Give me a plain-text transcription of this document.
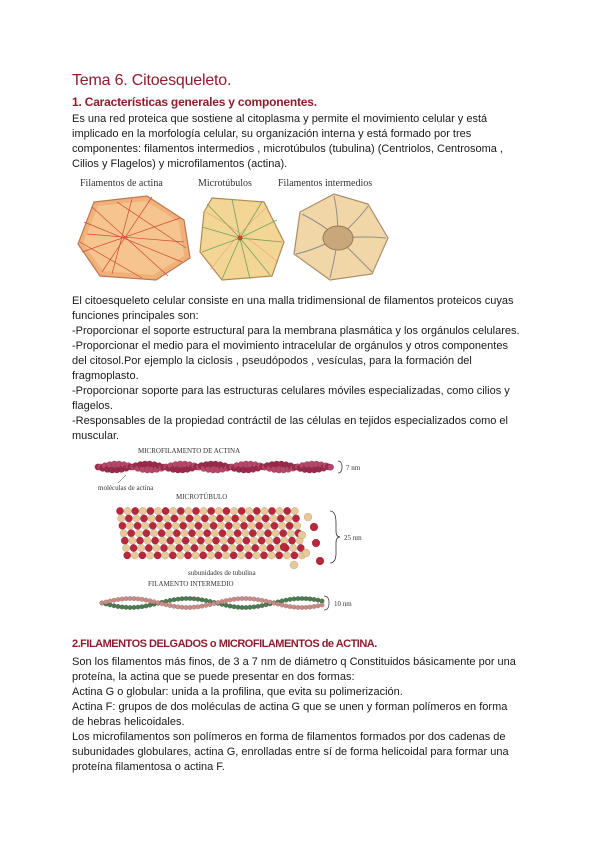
Tema 6. Citoesqueleto.
1. Características generales y componentes.

Es una red proteica que sostiene al citoplasma y permite el movimiento celular y está

implicado en la morfología celular, su organización interna y está formado por tres

componentes: filamentos intermedios , microtúbulos (tubulina) (Centriolos, Centrosoma ,

Cilios y Flagelos) y microfilamentos (actina).

Filamentos de actina	Microtúbulos	Filamentos intermedios

El citoesqueleto celular consiste en una malla tridimensional de filamentos proteicos cuyas

funciones principales son:

-Proporcionar el soporte estructural para la membrana plasmática y los orgánulos celulares.

-Proporcionar el medio para el movimiento intracelular de orgánulos y otros componentes

del citosol.Por ejemplo la ciclosis , pseudópodos , vesículas, para la formación del

fragmoplasto.

-Proporcionar soporte para las estructuras celulares móviles especializadas, como cilios y

flagelos.

-Responsables de la propiedad contráctil de las células en tejidos especializados como el

muscular.

MICROFILAMENTO DE ACTINA
moléculas de actina
7 nm
MICROTÚBULO
subunidades de tubulina
25 nm
FILAMENTO INTERMEDIO
10 nm
2.FILAMENTOS DELGADOS o MICROFILAMENTOS de ACTINA.

Son los filamentos más finos, de 3 a 7 nm de diámetro q Constituidos básicamente por una

proteína, la actina que se puede presentar en dos formas:

Actina G o globular: unida a la profilina, que evita su polimerización.

Actina F: grupos de dos moléculas de actina G que se unen y forman polímeros en forma

de hebras helicoidales.

Los microfilamentos son polímeros en forma de filamentos formados por dos cadenas de

subunidades globulares, actina G, enrolladas entre sí de forma helicoidal para formar una

proteína filamentosa o actina F.
